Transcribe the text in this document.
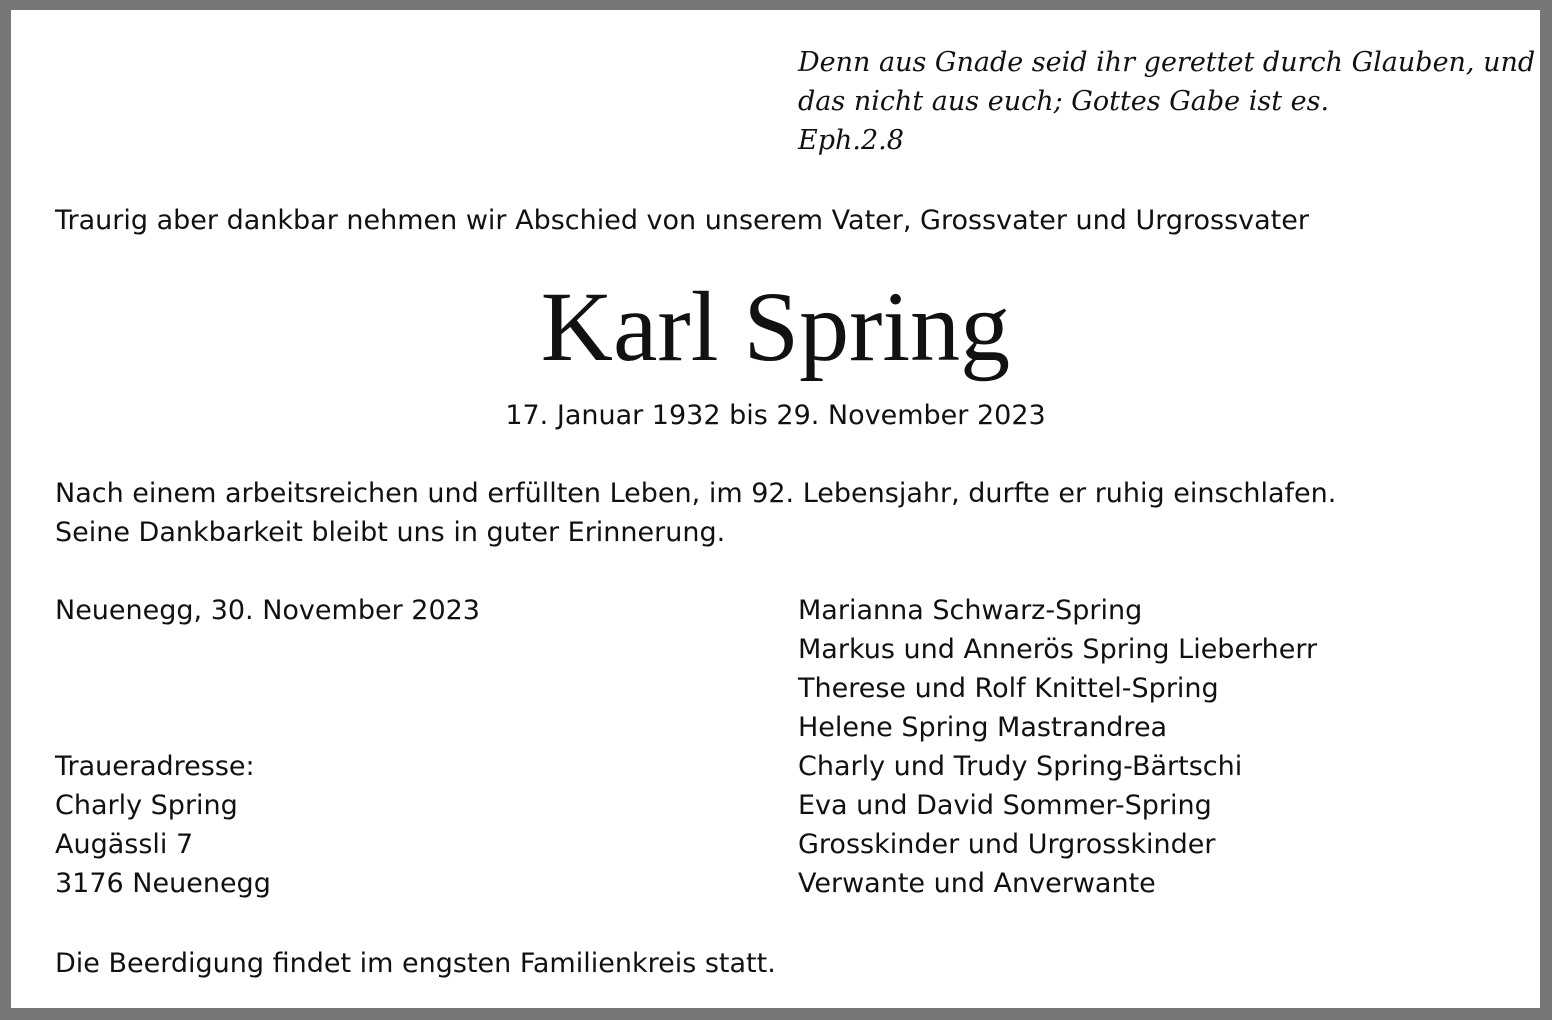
Denn aus Gnade seid ihr gerettet durch Glauben, und
das nicht aus euch; Gottes Gabe ist es.
Eph.2.8
Traurig aber dankbar nehmen wir Abschied von unserem Vater, Grossvater und Urgrossvater
Karl Spring
17. Januar 1932 bis 29. November 2023
Nach einem arbeitsreichen und erfüllten Leben, im 92. Lebensjahr, durfte er ruhig einschlafen.
Seine Dankbarkeit bleibt uns in guter Erinnerung.
Neuenegg, 30. November 2023
Traueradresse:
Charly Spring
Augässli 7
3176 Neuenegg
Marianna Schwarz-Spring
Markus und Annerös Spring Lieberherr
Therese und Rolf Knittel-Spring
Helene Spring Mastrandrea
Charly und Trudy Spring-Bärtschi
Eva und David Sommer-Spring
Grosskinder und Urgrosskinder
Verwante und Anverwante
Die Beerdigung findet im engsten Familienkreis statt.
